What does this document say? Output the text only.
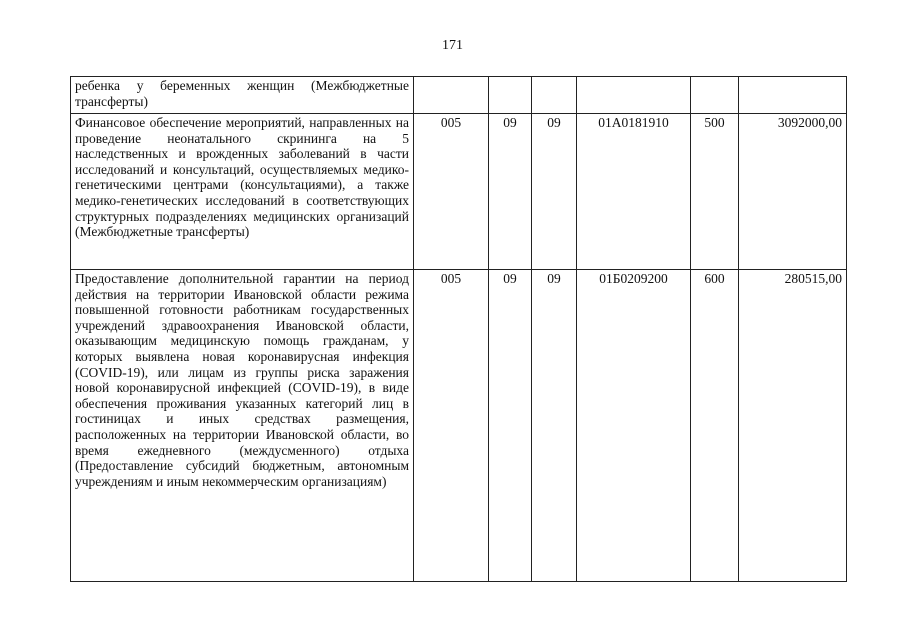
171
ребенка у беременных женщин (Межбюджетные трансферты)						
Финансовое обеспечение мероприятий, направленных на проведение неонатального скрининга на 5 наследственных и врожденных заболеваний в части исследований и консультаций, осуществляемых медико-генетическими центрами (консультациями), а также медико-генетических исследований в соответствующих структурных подразделениях медицинских организаций (Межбюджетные трансферты)	005	09	09	01А0181910	500	3092000,00
Предоставление дополнительной гарантии на период действия на территории Ивановской области режима повышенной готовности работникам государственных учреждений здравоохранения Ивановской области, оказывающим медицинскую помощь гражданам, у которых выявлена новая коронавирусная инфекция (COVID-19), или лицам из группы риска заражения новой коронавирусной инфекцией (COVID-19), в виде обеспечения проживания указанных категорий лиц в гостиницах и иных средствах размещения, расположенных на территории Ивановской области, во время ежедневного (междусменного) отдыха (Предоставление субсидий бюджетным, автономным учреждениям и иным некоммерческим организациям)	005	09	09	01Б0209200	600	280515,00
